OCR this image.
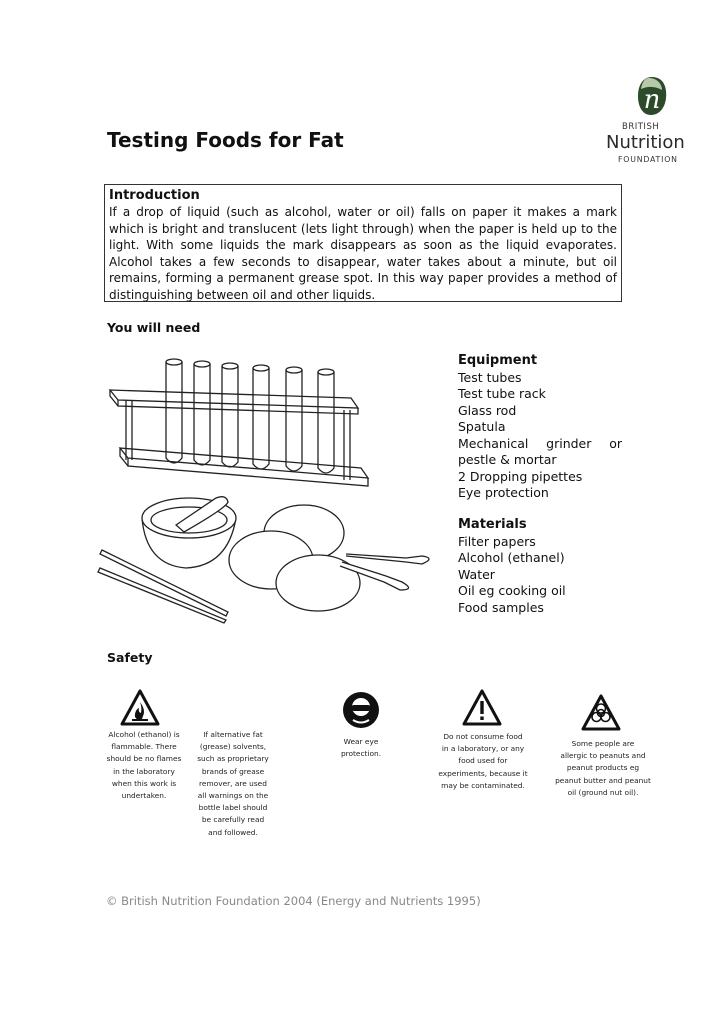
n
BRITISH
Nutrition
FOUNDATION
Testing Foods for Fat
Introduction
If a drop of liquid (such as alcohol, water or oil) falls on paper it makes a mark which is bright and translucent (lets light through) when the paper is held up to the light. With some liquids the mark disappears as soon as the liquid evaporates. Alcohol takes a few seconds to disappear, water takes about a minute, but oil remains, forming a permanent grease spot. In this way paper provides a method of distinguishing between oil and other liquids.
You will need
Equipment
Test tubes
Test tube rack
Glass rod
Spatula
Mechanical grinder or
pestle & mortar
2 Dropping pipettes
Eye protection
Materials
Filter papers
Alcohol (ethanel)
Water
Oil eg cooking oil
Food samples
Safety
Alcohol (ethanol) is
flammable. There
should be no flames
in the laboratory
when this work is
undertaken.
If alternative fat
(grease) solvents,
such as proprietary
brands of grease
remover, are used
all warnings on the
bottle label should
be carefully read
and followed.
Wear eye
protection.
Do not consume food
in a laboratory, or any
food used for
experiments, because it
may be contaminated.
Some people are
allergic to peanuts and
peanut products eg
peanut butter and peanut
oil (ground nut oil).
© British Nutrition Foundation 2004 (Energy and Nutrients 1995)
